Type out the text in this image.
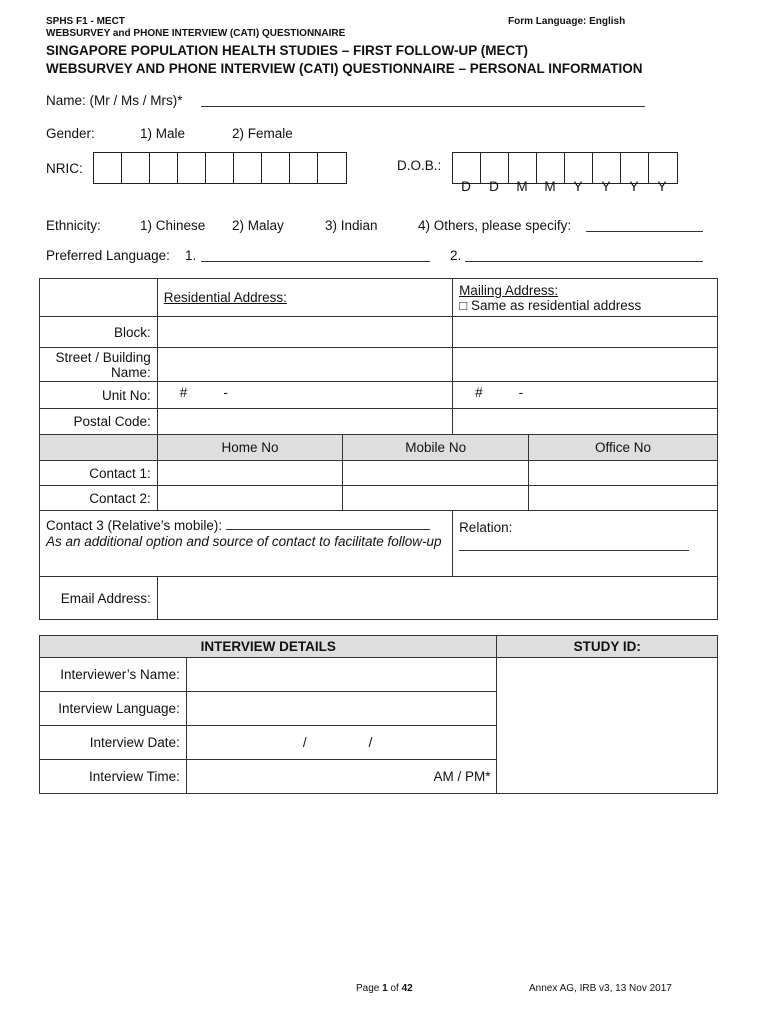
SPHS F1 - MECT
WEBSURVEY and PHONE INTERVIEW (CATI) QUESTIONNAIRE
Form Language: English
SINGAPORE POPULATION HEALTH STUDIES – FIRST FOLLOW-UP (MECT)
WEBSURVEY AND PHONE INTERVIEW (CATI) QUESTIONNAIRE – PERSONAL INFORMATION
Name: (Mr / Ms / Mrs)*
Gender:	1) Male	2) Female
NRIC:	D.O.B.:
D	D	M	M	Y	Y	Y	Y
Ethnicity:	1) Chinese 2) Malay	3) Indian	4) Others, please specify:
Preferred Language: 1.	2.
	Residential Address:		Mailing Address:
□ Same as residential address	

Block:				
Street / Building Name:				
Unit No:	# -		# -	
Postal Code:				
	Home No	Mobile No		Office No
Contact 1:				
Contact 2:				

Contact 3 (Relative’s mobile):
As an additional option and source of contact to facilitate follow-up			Relation:	

Email Address:				
INTERVIEW DETAILS		STUDY ID:
Interviewer’s Name:		
Interview Language:		
Interview Date:	/ /	
Interview Time:	AM / PM*	
Page 1 of 42	Annex AG, IRB v3, 13 Nov 2017
